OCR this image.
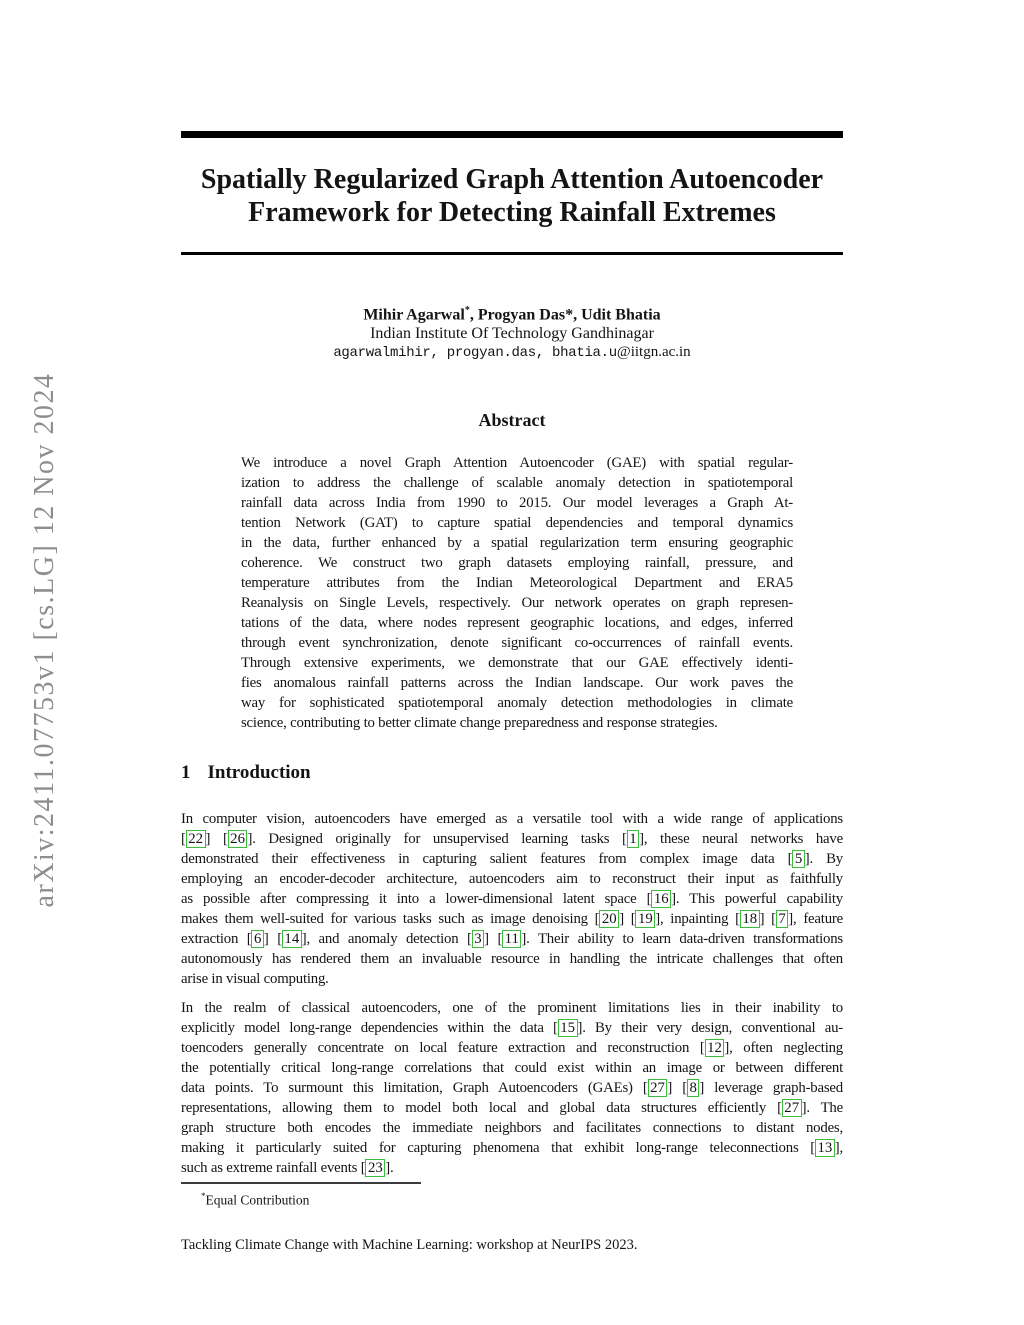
arXiv:2411.07753v1 [cs.LG] 12 Nov 2024
Spatially Regularized Graph Attention Autoencoder
Framework for Detecting Rainfall Extremes
Mihir Agarwal*, Progyan Das*, Udit Bhatia
Indian Institute Of Technology Gandhinagar
agarwalmihir, progyan.das, bhatia.u@iitgn.ac.in
Abstract
We introduce a novel Graph Attention Autoencoder (GAE) with spatial regular-
ization to address the challenge of scalable anomaly detection in spatiotemporal
rainfall data across India from 1990 to 2015. Our model leverages a Graph At-
tention Network (GAT) to capture spatial dependencies and temporal dynamics
in the data, further enhanced by a spatial regularization term ensuring geographic
coherence. We construct two graph datasets employing rainfall, pressure, and
temperature attributes from the Indian Meteorological Department and ERA5
Reanalysis on Single Levels, respectively. Our network operates on graph represen-
tations of the data, where nodes represent geographic locations, and edges, inferred
through event synchronization, denote significant co-occurrences of rainfall events.
Through extensive experiments, we demonstrate that our GAE effectively identi-
fies anomalous rainfall patterns across the Indian landscape. Our work paves the
way for sophisticated spatiotemporal anomaly detection methodologies in climate
science, contributing to better climate change preparedness and response strategies.
1 Introduction
In computer vision, autoencoders have emerged as a versatile tool with a wide range of applications
[ 22 ] [ 26 ]. Designed originally for unsupervised learning tasks [ 1 ], these neural networks have
demonstrated their effectiveness in capturing salient features from complex image data [ 5 ]. By
employing an encoder-decoder architecture, autoencoders aim to reconstruct their input as faithfully
as possible after compressing it into a lower-dimensional latent space [ 16 ]. This powerful capability
makes them well-suited for various tasks such as image denoising [ 20 ] [ 19 ], inpainting [ 18 ] [ 7 ], feature
extraction [ 6 ] [ 14 ], and anomaly detection [ 3 ] [ 11 ]. Their ability to learn data-driven transformations
autonomously has rendered them an invaluable resource in handling the intricate challenges that often
arise in visual computing.
In the realm of classical autoencoders, one of the prominent limitations lies in their inability to
explicitly model long-range dependencies within the data [ 15 ]. By their very design, conventional au-
toencoders generally concentrate on local feature extraction and reconstruction [ 12 ], often neglecting
the potentially critical long-range correlations that could exist within an image or between different
data points. To surmount this limitation, Graph Autoencoders (GAEs) [ 27 ] [ 8 ] leverage graph-based
representations, allowing them to model both local and global data structures efficiently [ 27 ]. The
graph structure both encodes the immediate neighbors and facilitates connections to distant nodes,
making it particularly suited for capturing phenomena that exhibit long-range teleconnections [ 13 ],
such as extreme rainfall events [ 23 ].
*Equal Contribution
Tackling Climate Change with Machine Learning: workshop at NeurIPS 2023.
